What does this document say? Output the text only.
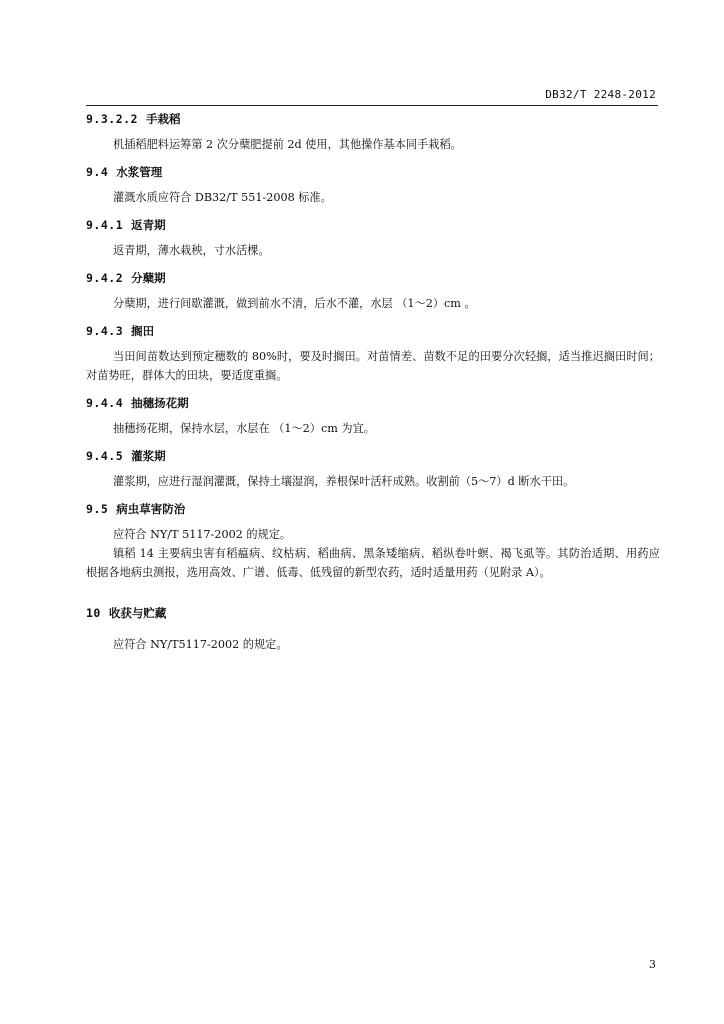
DB32/T 2248-2012
9.3.2.2 手栽稻

机插稻肥料运筹第 2 次分蘖肥提前 2d 使用，其他操作基本同手栽稻。

9.4 水浆管理

灌溉水质应符合 DB32/T 551-2008 标准。

9.4.1 返青期

返青期，薄水栽秧，寸水活棵。

9.4.2 分蘖期

分蘖期，进行间歇灌溉，做到前水不清，后水不灌，水层 （1～2）cm 。

9.4.3 搁田

当田间苗数达到预定穗数的 80%时，要及时搁田。对苗情差、苗数不足的田要分次轻搁，适当推迟搁田时间；对苗势旺，群体大的田块，要适度重搁。

9.4.4 抽穗扬花期

抽穗扬花期，保持水层，水层在 （1～2）cm 为宜。

9.4.5 灌浆期

灌浆期，应进行湿润灌溉，保持土壤湿润，养根保叶活秆成熟。收割前（5～7）d 断水干田。

9.5 病虫草害防治

应符合 NY/T 5117-2002 的规定。

镇稻 14 主要病虫害有稻瘟病、纹枯病、稻曲病、黑条矮缩病、稻纵卷叶螟、褐飞虱等。其防治适期、用药应根据各地病虫测报，选用高效、广谱、低毒、低残留的新型农药，适时适量用药（见附录 A）。

10 收获与贮藏

应符合 NY/T5117-2002 的规定。

3
